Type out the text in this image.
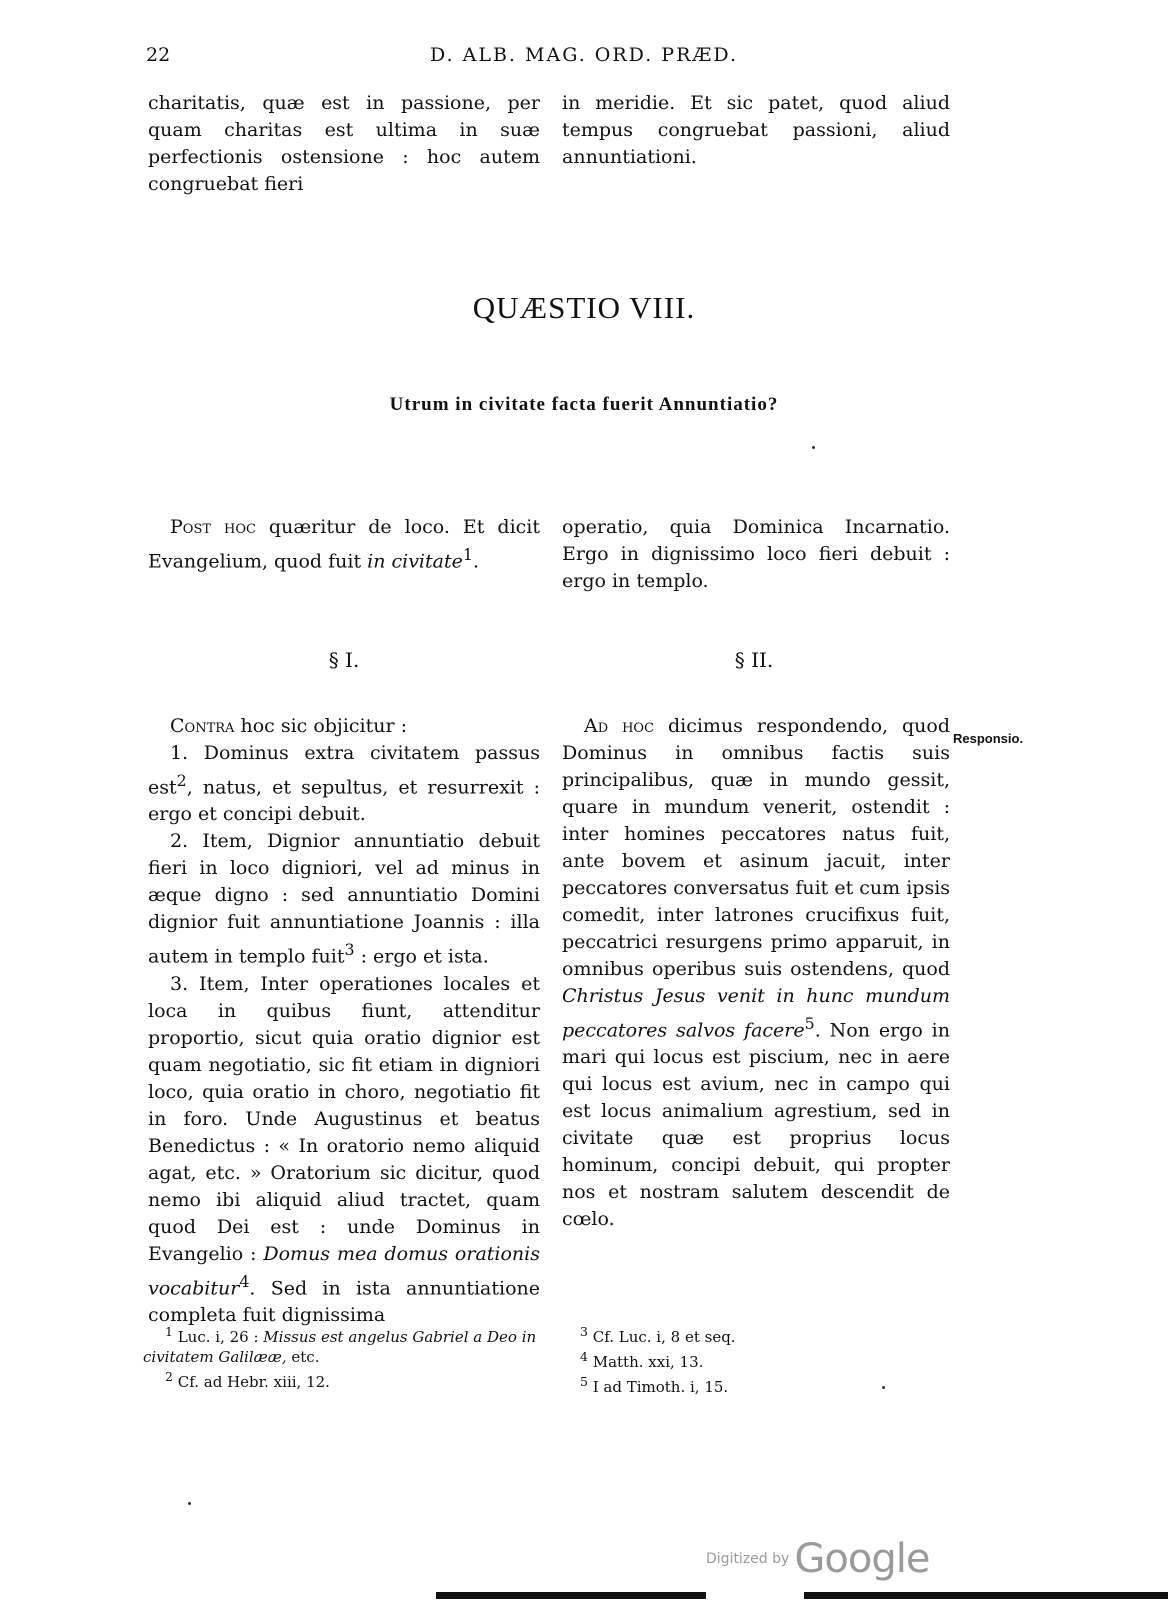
22	D. ALB. MAG. ORD. PRÆD.
charitatis, quæ est in passione, per quam charitas est ultima in suæ perfectionis ostensione : hoc autem congruebat fieri
in meridie. Et sic patet, quod aliud tempus congruebat passioni, aliud annuntiationi.
QUÆSTIO VIII.
Utrum in civitate facta fuerit Annuntiatio?

Post hoc quæritur de loco. Et dicit Evangelium, quod fuit in civitate$^1$.

operatio, quia Dominica Incarnatio. Ergo in dignissimo loco fieri debuit : ergo in templo.
§ I.	§ II.

Contra hoc sic objicitur :

1. Dominus extra civitatem passus est$^2$, natus, et sepultus, et resurrexit : ergo et concipi debuit.

2. Item, Dignior annuntiatio debuit fieri in loco digniori, vel ad minus in æque digno : sed annuntiatio Domini dignior fuit annuntiatione Joannis : illa autem in templo fuit$^3$ : ergo et ista.

3. Item, Inter operationes locales et loca in quibus fiunt, attenditur proportio, sicut quia oratio dignior est quam negotiatio, sic fit etiam in digniori loco, quia oratio in choro, negotiatio fit in foro. Unde Augustinus et beatus Benedictus : « In oratorio nemo aliquid agat, etc. » Oratorium sic dicitur, quod nemo ibi aliquid aliud tractet, quam quod Dei est : unde Dominus in Evangelio : Domus mea domus orationis vocabitur$^4$. Sed in ista annuntiatione completa fuit dignissima

Ad hoc dicimus respondendo, quod Dominus in omnibus factis suis principalibus, quæ in mundo gessit, quare in mundum venerit, ostendit : inter homines peccatores natus fuit, ante bovem et asinum jacuit, inter peccatores conversatus fuit et cum ipsis comedit, inter latrones crucifixus fuit, peccatrici resurgens primo apparuit, in omnibus operibus suis ostendens, quod Christus Jesus venit in hunc mundum peccatores salvos facere$^5$. Non ergo in mari qui locus est piscium, nec in aere qui locus est avium, nec in campo qui est locus animalium agrestium, sed in civitate quæ est proprius locus hominum, concipi debuit, qui propter nos et nostram salutem descendit de cœlo.

Responsio.
$^1$ Luc. i, 26 : Missus est angelus Gabriel a Deo in civitatem Galilææ, etc.
$^2$ Cf. ad Hebr. xiii, 12.
$^3$ Cf. Luc. i, 8 et seq.
$^4$ Matth. xxi, 13.
$^5$ I ad Timoth. i, 15.
Digitized by Google
